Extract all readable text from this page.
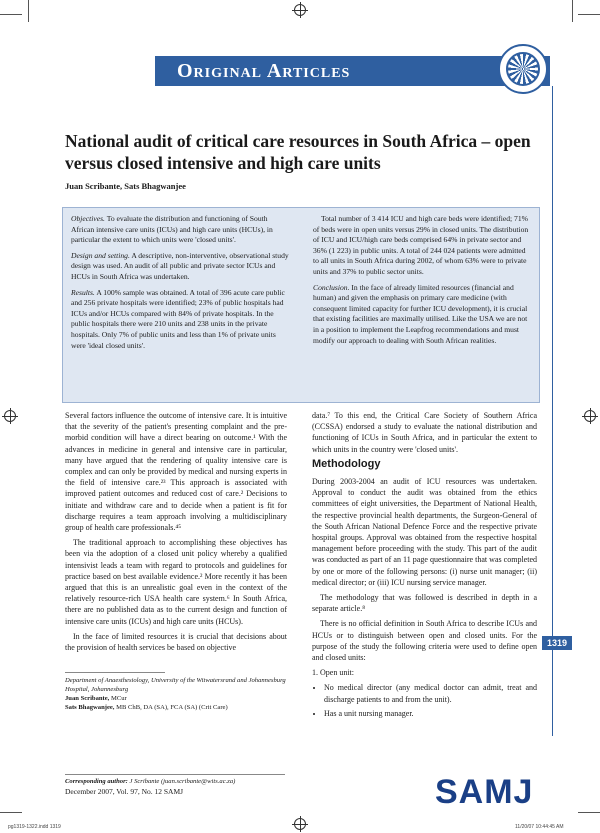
Original Articles
National audit of critical care resources in South Africa – open versus closed intensive and high care units
Juan Scribante, Sats Bhagwanjee

Objectives. To evaluate the distribution and functioning of South African intensive care units (ICUs) and high care units (HCUs), in particular the extent to which units were 'closed units'.

Design and setting. A descriptive, non-interventive, observational study design was used. An audit of all public and private sector ICUs and HCUs in South Africa was undertaken.

Results. A 100% sample was obtained. A total of 396 acute care public and 256 private hospitals were identified; 23% of public hospitals had ICUs and/or HCUs compared with 84% of private hospitals. In the public hospitals there were 210 units and 238 units in the private hospitals. Only 7% of public units and less than 1% of private units were 'ideal closed units'.

Total number of 3 414 ICU and high care beds were identified; 71% of beds were in open units versus 29% in closed units. The distribution of ICU and ICU/high care beds comprised 64% in private sector and 36% (1 223) in public units. A total of 244 024 patients were admitted to all units in South Africa during 2002, of whom 63% were to private units and 37% to public sector units.

Conclusion. In the face of already limited resources (financial and human) and given the emphasis on primary care medicine (with consequent limited capacity for further ICU development), it is crucial that existing facilities are maximally utilised. Like the USA we are not in a position to implement the Leapfrog recommendations and must modify our approach to dealing with South African realities.

Several factors influence the outcome of intensive care. It is intuitive that the severity of the patient's presenting complaint and the pre-morbid condition will have a direct bearing on outcome.¹ With the advances in medicine in general and intensive care in particular, many have argued that the rendering of quality intensive care is complex and can only be provided by medical and nursing experts in the field of intensive care.²³ This approach is associated with improved patient outcomes and reduced cost of care.² Decisions to initiate and withdraw care and to decide when a patient is fit for discharge requires a team approach involving a multidisciplinary group of health care professionals.⁴⁵

The traditional approach to accomplishing these objectives has been via the adoption of a closed unit policy whereby a qualified intensivist leads a team with regard to protocols and guidelines for practice based on best available evidence.² More recently it has been argued that this is an unrealistic goal even in the context of the relatively resource-rich USA health care system.⁶ In South Africa, there are no published data as to the current design and function of intensive care units (ICUs) and high care units (HCUs).

In the face of limited resources it is crucial that decisions about the provision of health services be based on objective

Department of Anaesthesiology, University of the Witwatersrand and Johannesburg Hospital, Johannesburg
Juan Scribante, MCur
Sats Bhagwanjee, MB ChB, DA (SA), FCA (SA) (Crit Care)
Corresponding author: J Scribante (juan.scribante@wits.ac.za)

data.⁷ To this end, the Critical Care Society of Southern Africa (CCSSA) endorsed a study to evaluate the national distribution and functioning of ICUs in South Africa, and in particular the extent to which units in the country were 'closed units'.

Methodology

During 2003-2004 an audit of ICU resources was undertaken. Approval to conduct the audit was obtained from the ethics committees of eight universities, the Department of National Health, the respective provincial health departments, the Surgeon-General of the South African National Defence Force and the respective private hospital groups. Approval was obtained from the respective hospital management before proceeding with the study. This part of the audit was conducted as part of an 11 page questionnaire that was completed by one or more of the following persons: (i) nurse unit manager; (ii) medical director; or (iii) ICU nursing service manager.

The methodology that was followed is described in depth in a separate article.⁸

There is no official definition in South Africa to describe ICUs and HCUs or to distinguish between open and closed units. For the purpose of the study the following criteria were used to define open and closed units:

1. Open unit:

• No medical director (any medical doctor can admit, treat and discharge patients to and from the unit).
• Has a unit nursing manager.
1319
December 2007, Vol. 97, No. 12 SAMJ	SAMJ
pg1319-1322.indd 1319	11/20/07 10:44:45 AM
